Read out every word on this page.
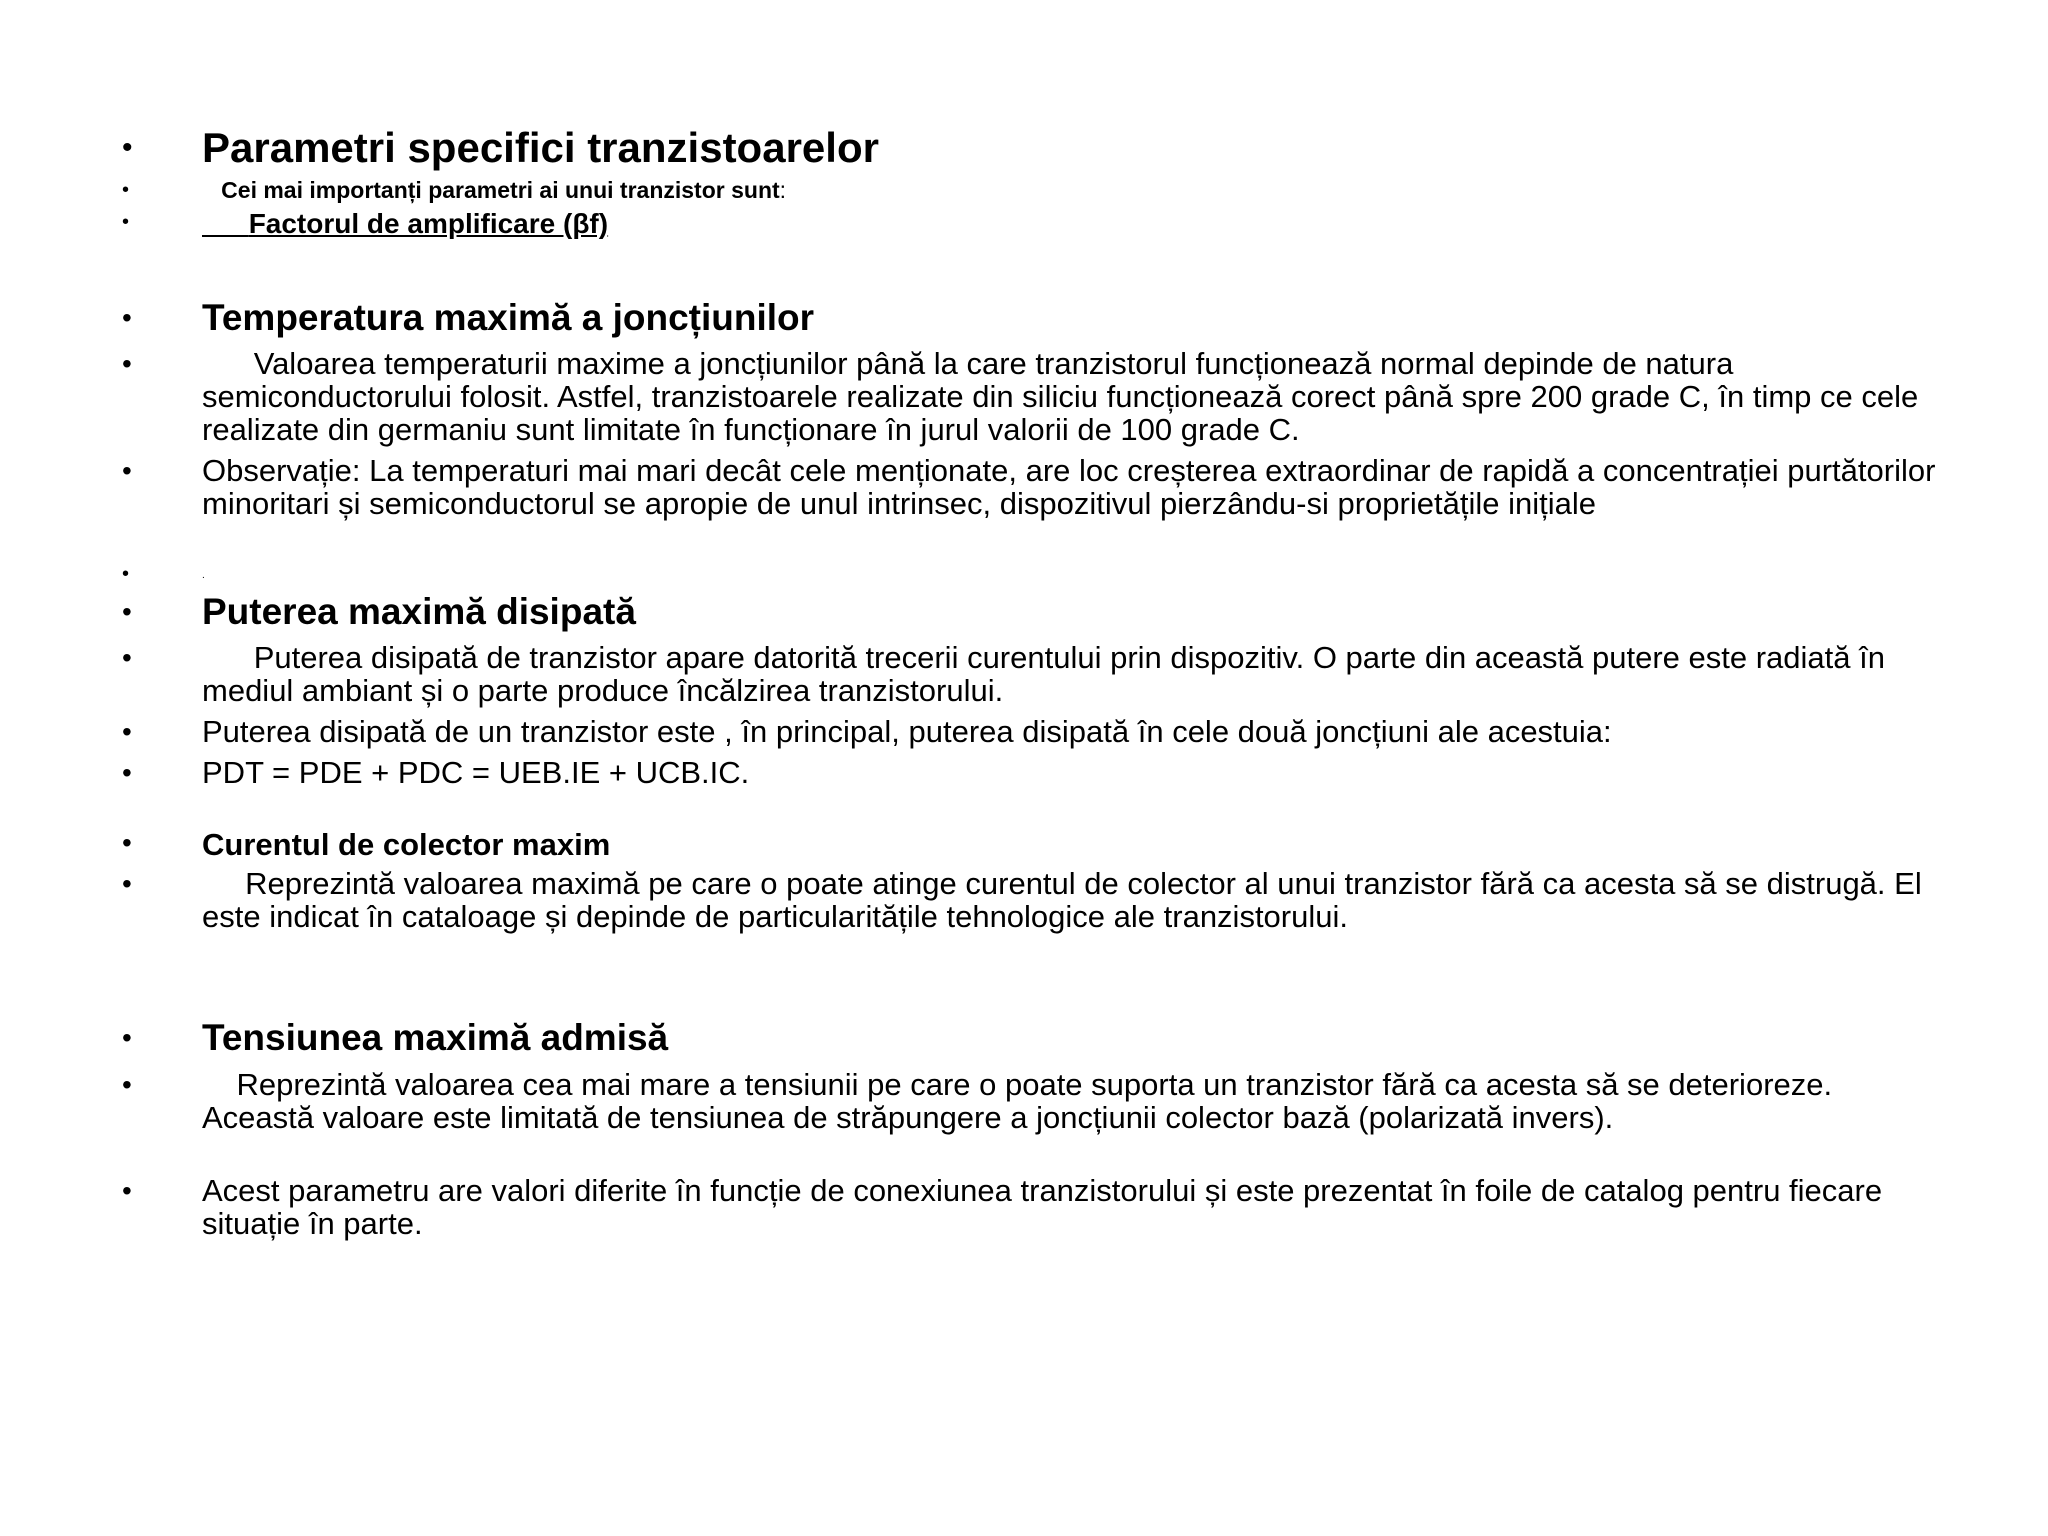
• Parametri specifici tranzistoarelor
•	Cei mai importanți parametri ai unui tranzistor sunt:
•	Factorul de amplificare (βf)
• Temperatura maximă a joncțiunilor
• Valoarea temperaturii maxime a joncțiunilor până la care tranzistorul funcționează normal depinde de natura semiconductorului folosit. Astfel, tranzistoarele realizate din siliciu funcționează corect până spre 200 grade C, în timp ce cele realizate din germaniu sunt limitate în funcționare în jurul valorii de 100 grade C.
• Observație: La temperaturi mai mari decât cele menționate, are loc creșterea extraordinar de rapidă a concentrației purtătorilor minoritari și semiconductorul se apropie de unul intrinsec, dispozitivul pierzându-si proprietățile inițiale
•	.
• Puterea maximă disipată
• Puterea disipată de tranzistor apare datorită trecerii curentului prin dispozitiv. O parte din această putere este radiată în mediul ambiant și o parte produce încălzirea tranzistorului.
• Puterea disipată de un tranzistor este , în principal, puterea disipată în cele două joncțiuni ale acestuia:
• PDT = PDE + PDC = UEB.IE + UCB.IC.
• Curentul de colector maxim
• Reprezintă valoarea maximă pe care o poate atinge curentul de colector al unui tranzistor fără ca acesta să se distrugă. El este indicat în cataloage și depinde de particularitățile tehnologice ale tranzistorului.
• Tensiunea maximă admisă
• Reprezintă valoarea cea mai mare a tensiunii pe care o poate suporta un tranzistor fără ca acesta să se deterioreze. Această valoare este limitată de tensiunea de străpungere a joncțiunii colector bază (polarizată invers).
• Acest parametru are valori diferite în funcție de conexiunea tranzistorului și este prezentat în foile de catalog pentru fiecare situație în parte.
